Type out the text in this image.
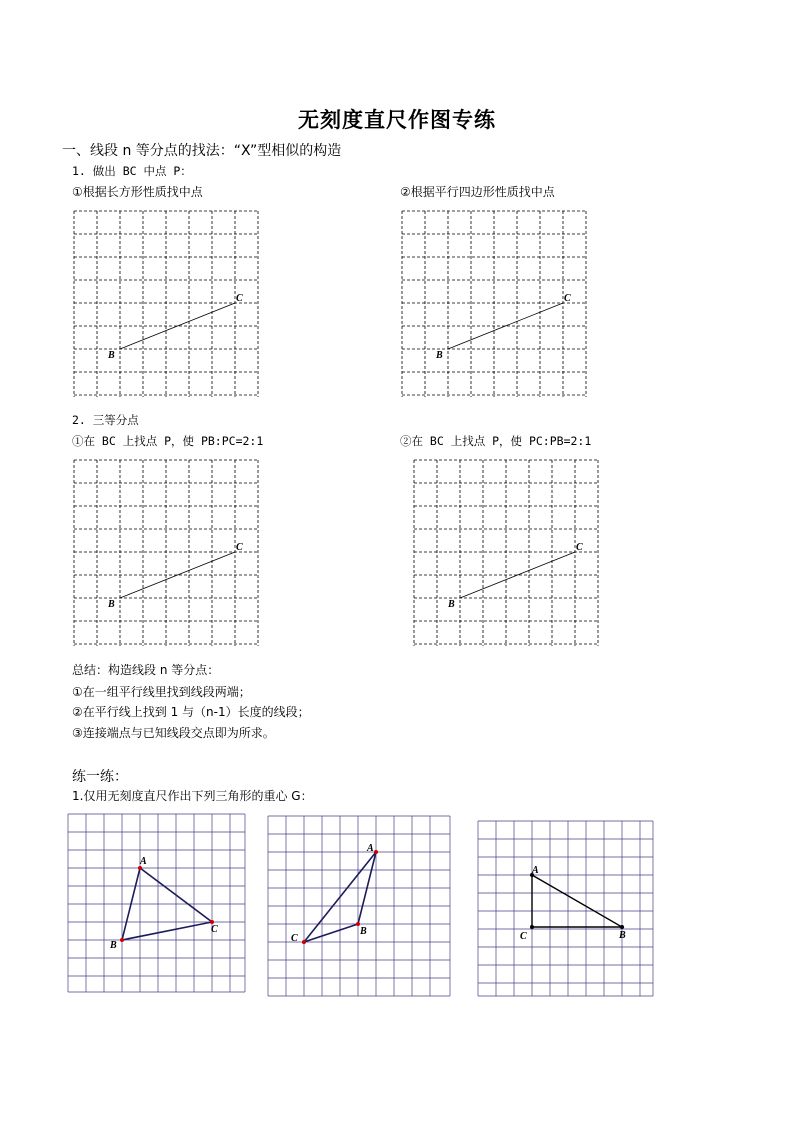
无刻度直尺作图专练
一、线段 n 等分点的找法：“X”型相似的构造
1. 做出 BC 中点 P：
①根据长方形性质找中点	②根据平行四边形性质找中点
B
C
B
C
2. 三等分点
①在 BC 上找点 P，使 PB:PC=2:1	②在 BC 上找点 P，使 PC:PB=2:1
B
C
B
C
总结：构造线段 n 等分点：
①在一组平行线里找到线段两端；
②在平行线上找到 1 与（n-1）长度的线段；
③连接端点与已知线段交点即为所求。
练一练：
1.仅用无刻度直尺作出下列三角形的重心 G：
A
B
C
A
B
C
A
B
C
